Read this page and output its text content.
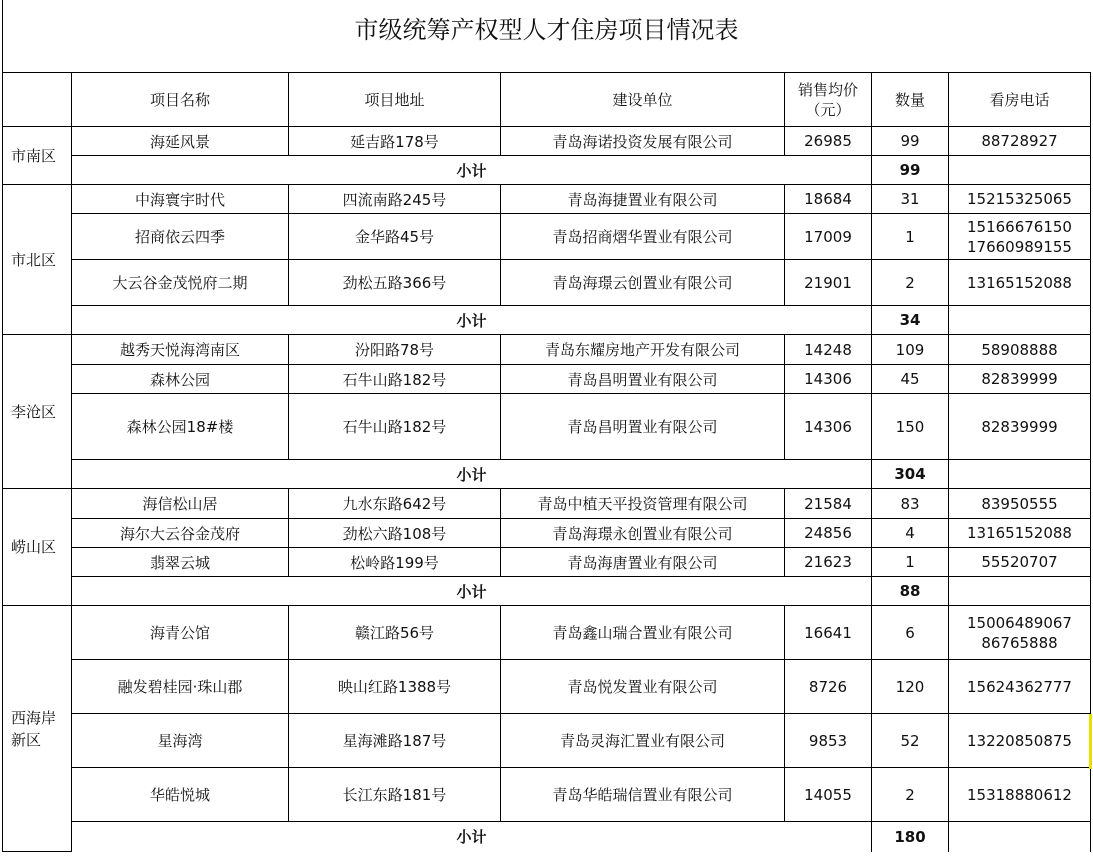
市级统筹产权型人才住房项目情况表
	项目名称	项目地址	建设单位	销售均价（元）	数量	看房电话
市南区	海延风景	延吉路178号	青岛海诺投资发展有限公司	26985	99	88728927

	小计				99	
市北区	中海寰宇时代	四流南路245号	青岛海捷置业有限公司	18684	31	15215325065

	招商依云四季	金华路45号	青岛招商熠华置业有限公司	17009	1	15166676150
17660989155

	大云谷金茂悦府二期	劲松五路366号	青岛海璟云创置业有限公司	21901	2	13165152088

	小计				34	
李沧区	越秀天悦海湾南区	汾阳路78号	青岛东耀房地产开发有限公司	14248	109	58908888

	森林公园	石牛山路182号	青岛昌明置业有限公司	14306	45	82839999

	森林公园18#楼	石牛山路182号	青岛昌明置业有限公司	14306	150	82839999

	小计				304	
崂山区	海信松山居	九水东路642号	青岛中植天平投资管理有限公司	21584	83	83950555

	海尔大云谷金茂府	劲松六路108号	青岛海璟永创置业有限公司	24856	4	13165152088

	翡翠云城	松岭路199号	青岛海唐置业有限公司	21623	1	55520707

	小计				88	
西海岸新区	海青公馆	赣江路56号	青岛鑫山瑞合置业有限公司	16641	6	15006489067
86765888

	融发碧桂园·珠山郡	映山红路1388号	青岛悦发置业有限公司	8726	120	15624362777

	星海湾	星海滩路187号	青岛灵海汇置业有限公司	9853	52	13220850875

	华皓悦城	长江东路181号	青岛华皓瑞信置业有限公司	14055	2	15318880612

	小计				180	
